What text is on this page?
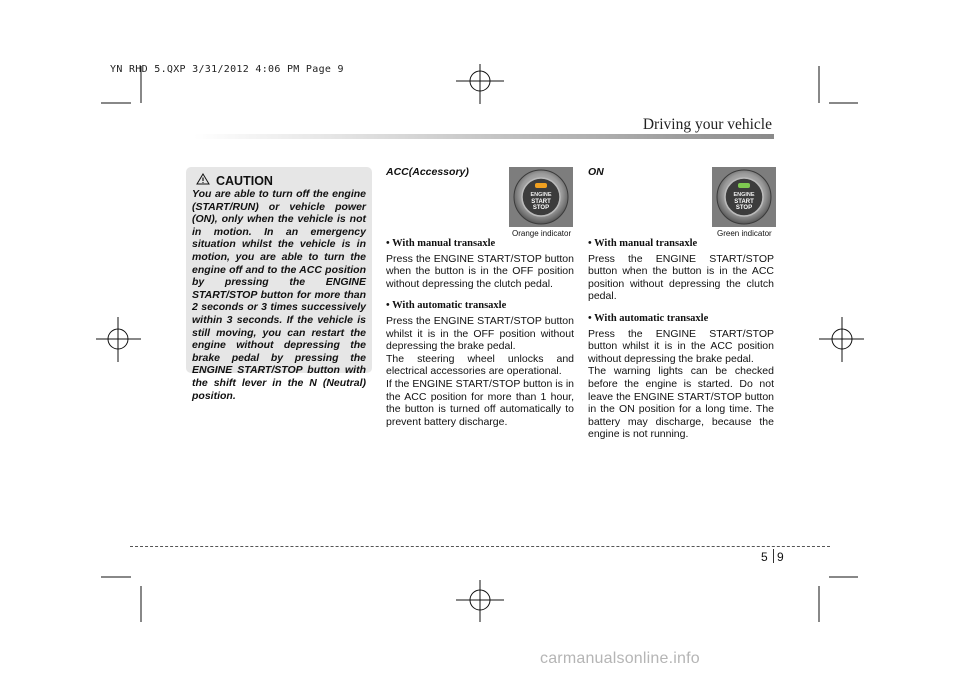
YN RHD 5.QXP 3/31/2012 4:06 PM Page 9
Driving your vehicle
CAUTION
You are able to turn off the engine (START/RUN) or vehicle power (ON), only when the vehicle is not in motion. In an emergency situation whilst the vehicle is in motion, you are able to turn the engine off and to the ACC position by pressing the ENGINE START/STOP button for more than 2 seconds or 3 times successively within 3 seconds. If the vehicle is still moving, you can restart the engine without depressing the brake pedal by pressing the ENGINE START/STOP button with the shift lever in the N (Neutral) position.
ACC(Accessory)
ENGINE
START
STOP
Orange indicator

• With manual transaxle

Press the ENGINE START/STOP button when the button is in the OFF position without depressing the clutch pedal.

• With automatic transaxle

Press the ENGINE START/STOP button whilst it is in the OFF position without depressing the brake pedal.

The steering wheel unlocks and electrical accessories are operational.

If the ENGINE START/STOP button is in the ACC position for more than 1 hour, the button is turned off automatically to prevent battery discharge.

ON
ENGINE
START
STOP
Green indicator

• With manual transaxle

Press the ENGINE START/STOP button when the button is in the ACC position without depressing the clutch pedal.

• With automatic transaxle

Press the ENGINE START/STOP button whilst it is in the ACC position without depressing the brake pedal.

The warning lights can be checked before the engine is started. Do not leave the ENGINE START/STOP button in the ON position for a long time. The battery may discharge, because the engine is not running.

5 9
carmanualsonline.info
